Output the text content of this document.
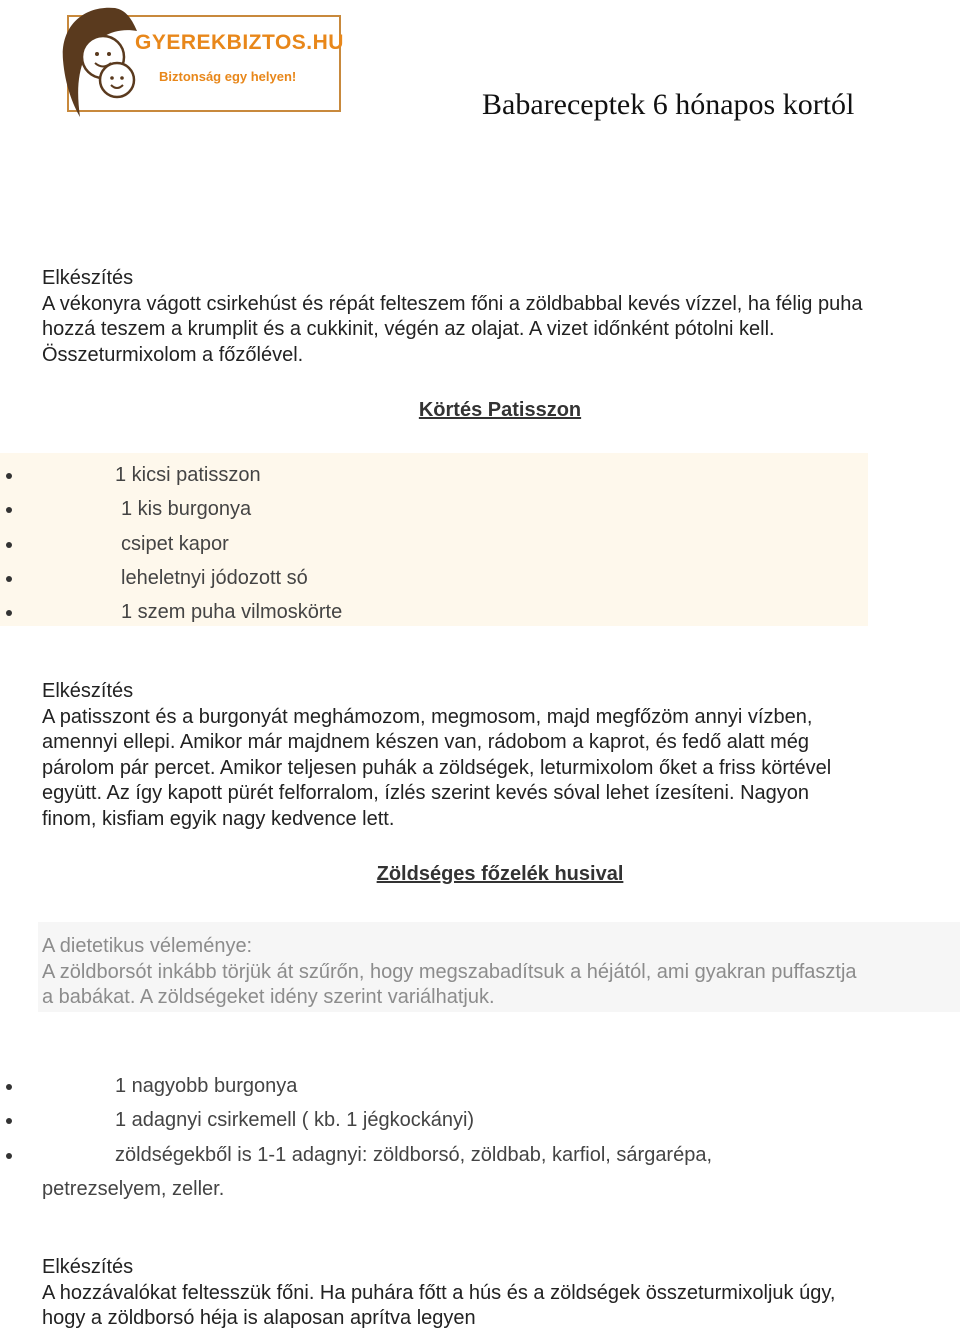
GYEREKBIZTOS.HU
Biztonság egy helyen!
Babareceptek 6 hónapos kortól
Elkészítés
A vékonyra vágott csirkehúst és répát felteszem főni a zöldbabbal kevés vízzel, ha félig puha
hozzá teszem a krumplit és a cukkinit, végén az olajat. A vizet időnként pótolni kell.
Összeturmixolom a főzőlével.
Körtés Patisszon
1 kicsi patisszon
1 kis burgonya
csipet kapor
leheletnyi jódozott só
1 szem puha vilmoskörte
Elkészítés
A patisszont és a burgonyát meghámozom, megmosom, majd megfőzöm annyi vízben,
amennyi ellepi. Amikor már majdnem készen van, rádobom a kaprot, és fedő alatt még
párolom pár percet. Amikor teljesen puhák a zöldségek, leturmixolom őket a friss körtével
együtt. Az így kapott pürét felforralom, ízlés szerint kevés sóval lehet ízesíteni. Nagyon
finom, kisfiam egyik nagy kedvence lett.
Zöldséges főzelék husival
A dietetikus véleménye:
A zöldborsót inkább törjük át szűrőn, hogy megszabadítsuk a héjától, ami gyakran puffasztja
a babákat. A zöldségeket idény szerint variálhatjuk.
1 nagyobb burgonya
1 adagnyi csirkemell ( kb. 1 jégkockányi)
zöldségekből is 1-1 adagnyi: zöldborsó, zöldbab, karfiol, sárgarépa,
petrezselyem, zeller.
Elkészítés
A hozzávalókat feltesszük főni. Ha puhára főtt a hús és a zöldségek összeturmixoljuk úgy,
hogy a zöldborsó héja is alaposan aprítva legyen
